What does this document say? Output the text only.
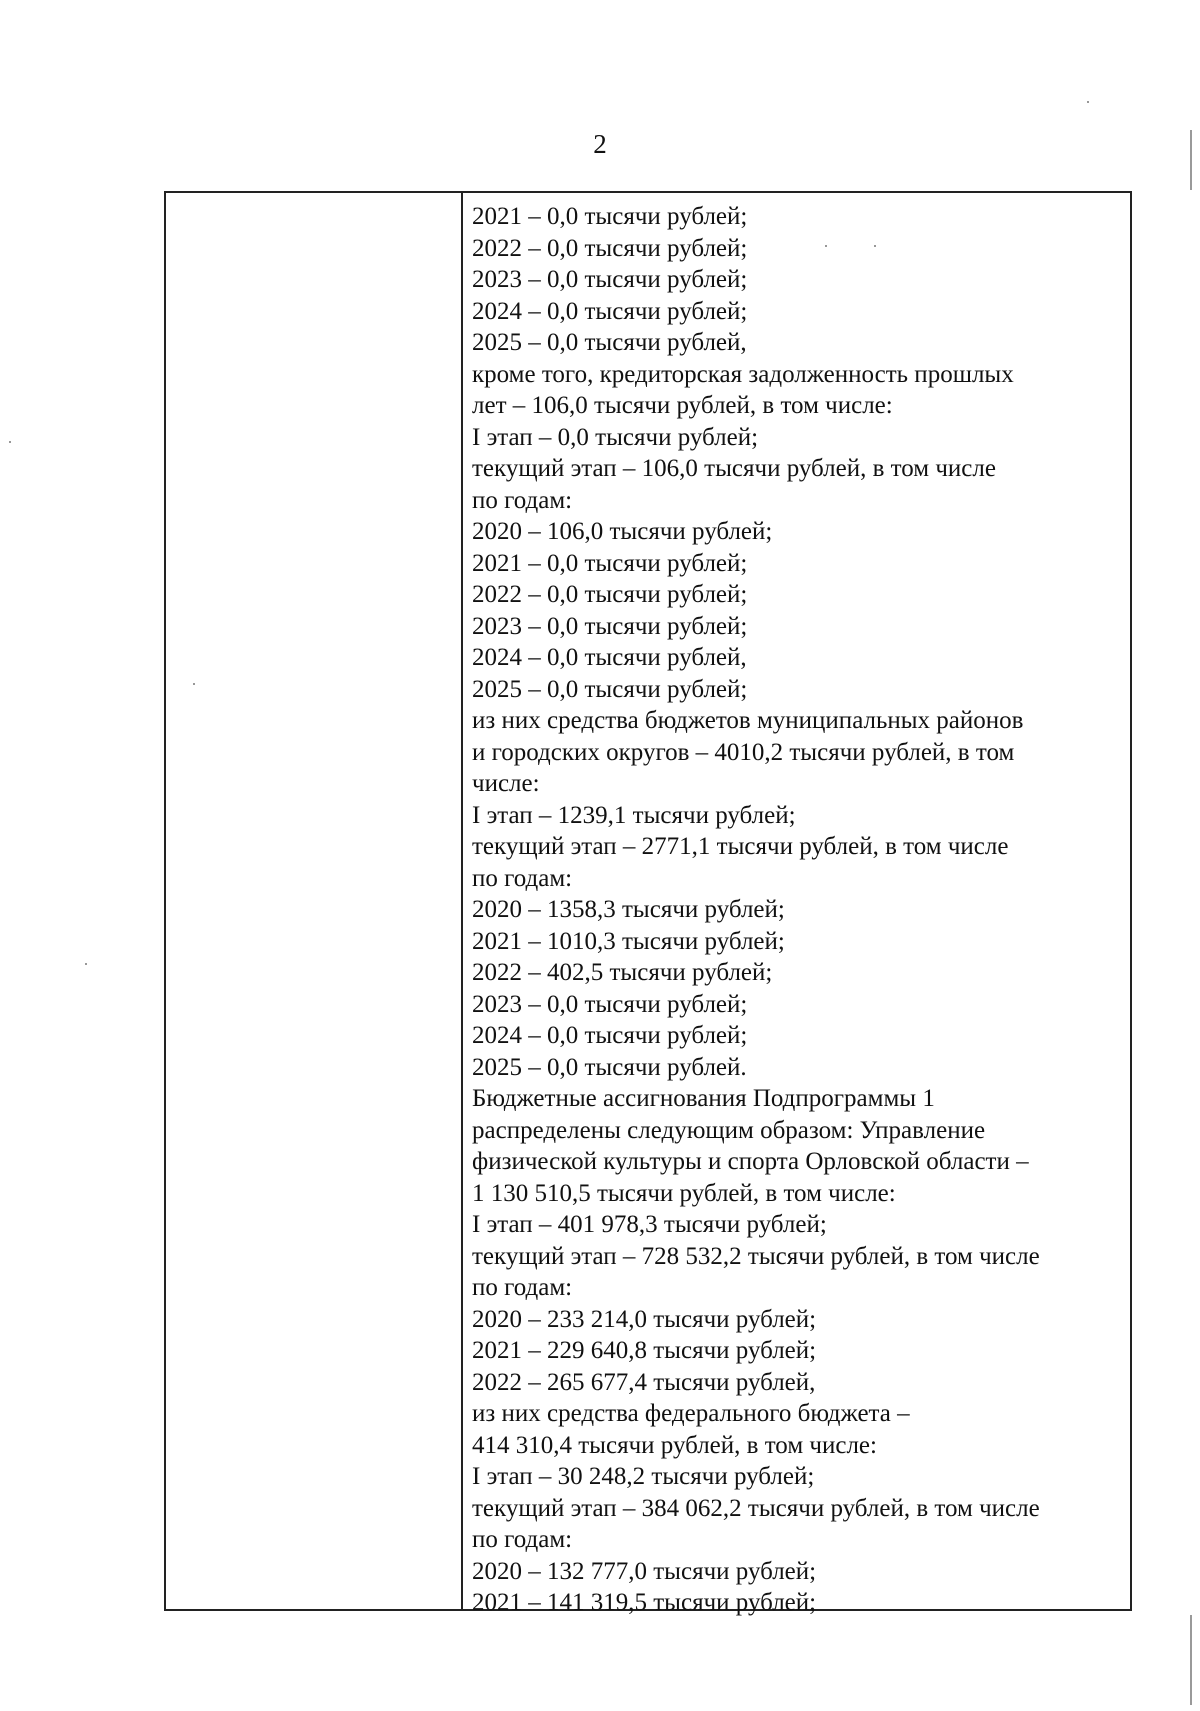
2
2021 – 0,0 тысячи рублей;
2022 – 0,0 тысячи рублей;
2023 – 0,0 тысячи рублей;
2024 – 0,0 тысячи рублей;
2025 – 0,0 тысячи рублей,
кроме того, кредиторская задолженность прошлых
лет – 106,0 тысячи рублей, в том числе:
I этап – 0,0 тысячи рублей;
текущий этап – 106,0 тысячи рублей, в том числе
по годам:
2020 – 106,0 тысячи рублей;
2021 – 0,0 тысячи рублей;
2022 – 0,0 тысячи рублей;
2023 – 0,0 тысячи рублей;
2024 – 0,0 тысячи рублей,
2025 – 0,0 тысячи рублей;
из них средства бюджетов муниципальных районов
и городских округов – 4010,2 тысячи рублей, в том
числе:
I этап – 1239,1 тысячи рублей;
текущий этап – 2771,1 тысячи рублей, в том числе
по годам:
2020 – 1358,3 тысячи рублей;
2021 – 1010,3 тысячи рублей;
2022 – 402,5 тысячи рублей;
2023 – 0,0 тысячи рублей;
2024 – 0,0 тысячи рублей;
2025 – 0,0 тысячи рублей.
Бюджетные ассигнования Подпрограммы 1
распределены следующим образом: Управление
физической культуры и спорта Орловской области –
1 130 510,5 тысячи рублей, в том числе:
I этап – 401 978,3 тысячи рублей;
текущий этап – 728 532,2 тысячи рублей, в том числе
по годам:
2020 – 233 214,0 тысячи рублей;
2021 – 229 640,8 тысячи рублей;
2022 – 265 677,4 тысячи рублей,
из них средства федерального бюджета –
414 310,4 тысячи рублей, в том числе:
I этап – 30 248,2 тысячи рублей;
текущий этап – 384 062,2 тысячи рублей, в том числе
по годам:
2020 – 132 777,0 тысячи рублей;
2021 – 141 319,5 тысячи рублей;
